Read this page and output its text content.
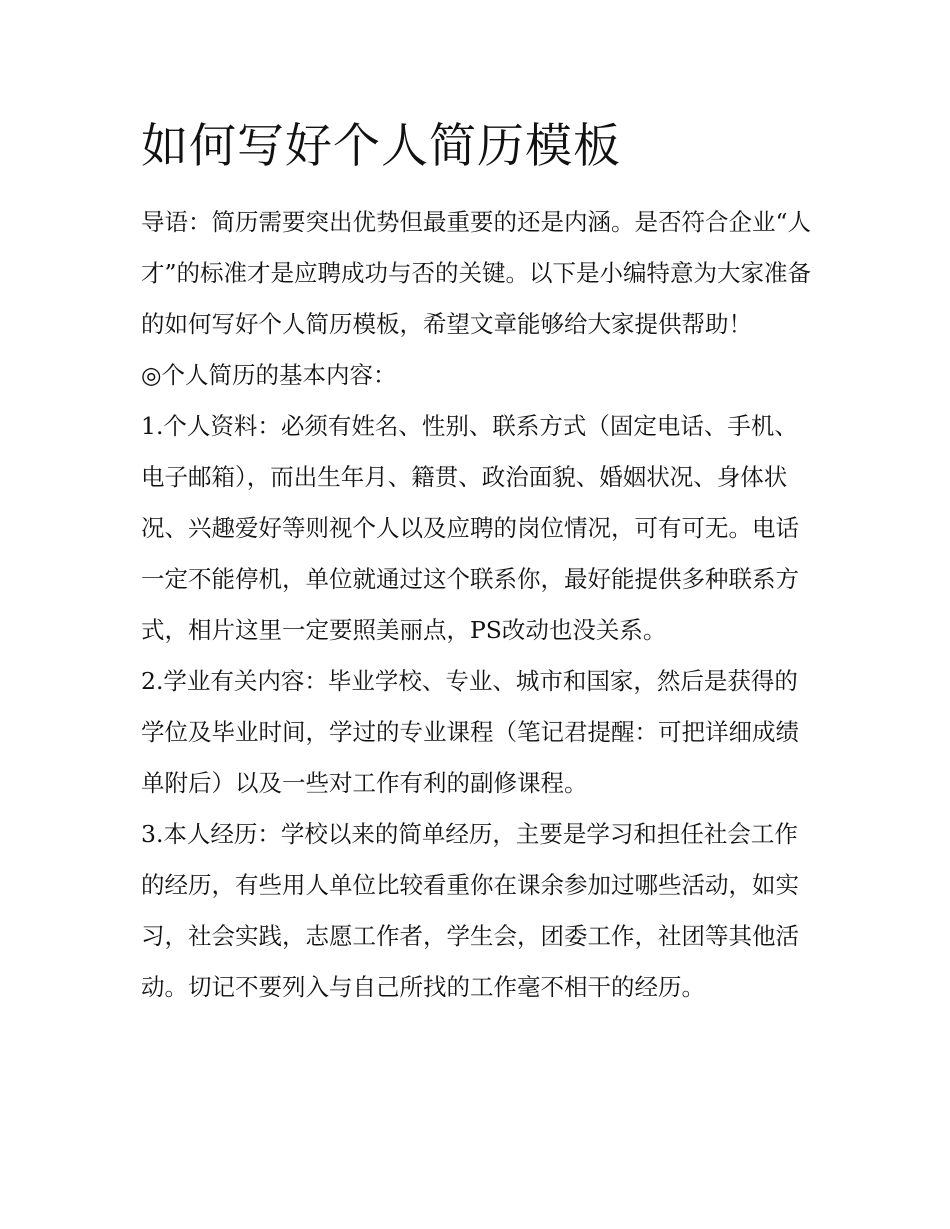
如何写好个人简历模板

导语：简历需要突出优势但最重要的还是内涵。是否符合企业“人才”的标准才是应聘成功与否的关键。以下是小编特意为大家准备的如何写好个人简历模板，希望文章能够给大家提供帮助！

◎个人简历的基本内容：

1.个人资料：必须有姓名、性别、联系方式（固定电话、手机、电子邮箱），而出生年月、籍贯、政治面貌、婚姻状况、身体状况、兴趣爱好等则视个人以及应聘的岗位情况，可有可无。电话一定不能停机，单位就通过这个联系你，最好能提供多种联系方式，相片这里一定要照美丽点，PS改动也没关系。

2.学业有关内容：毕业学校、专业、城市和国家，然后是获得的学位及毕业时间，学过的专业课程（笔记君提醒：可把详细成绩单附后）以及一些对工作有利的副修课程。

3.本人经历：学校以来的简单经历，主要是学习和担任社会工作的经历，有些用人单位比较看重你在课余参加过哪些活动，如实习，社会实践，志愿工作者，学生会，团委工作，社团等其他活动。切记不要列入与自己所找的工作毫不相干的经历。
